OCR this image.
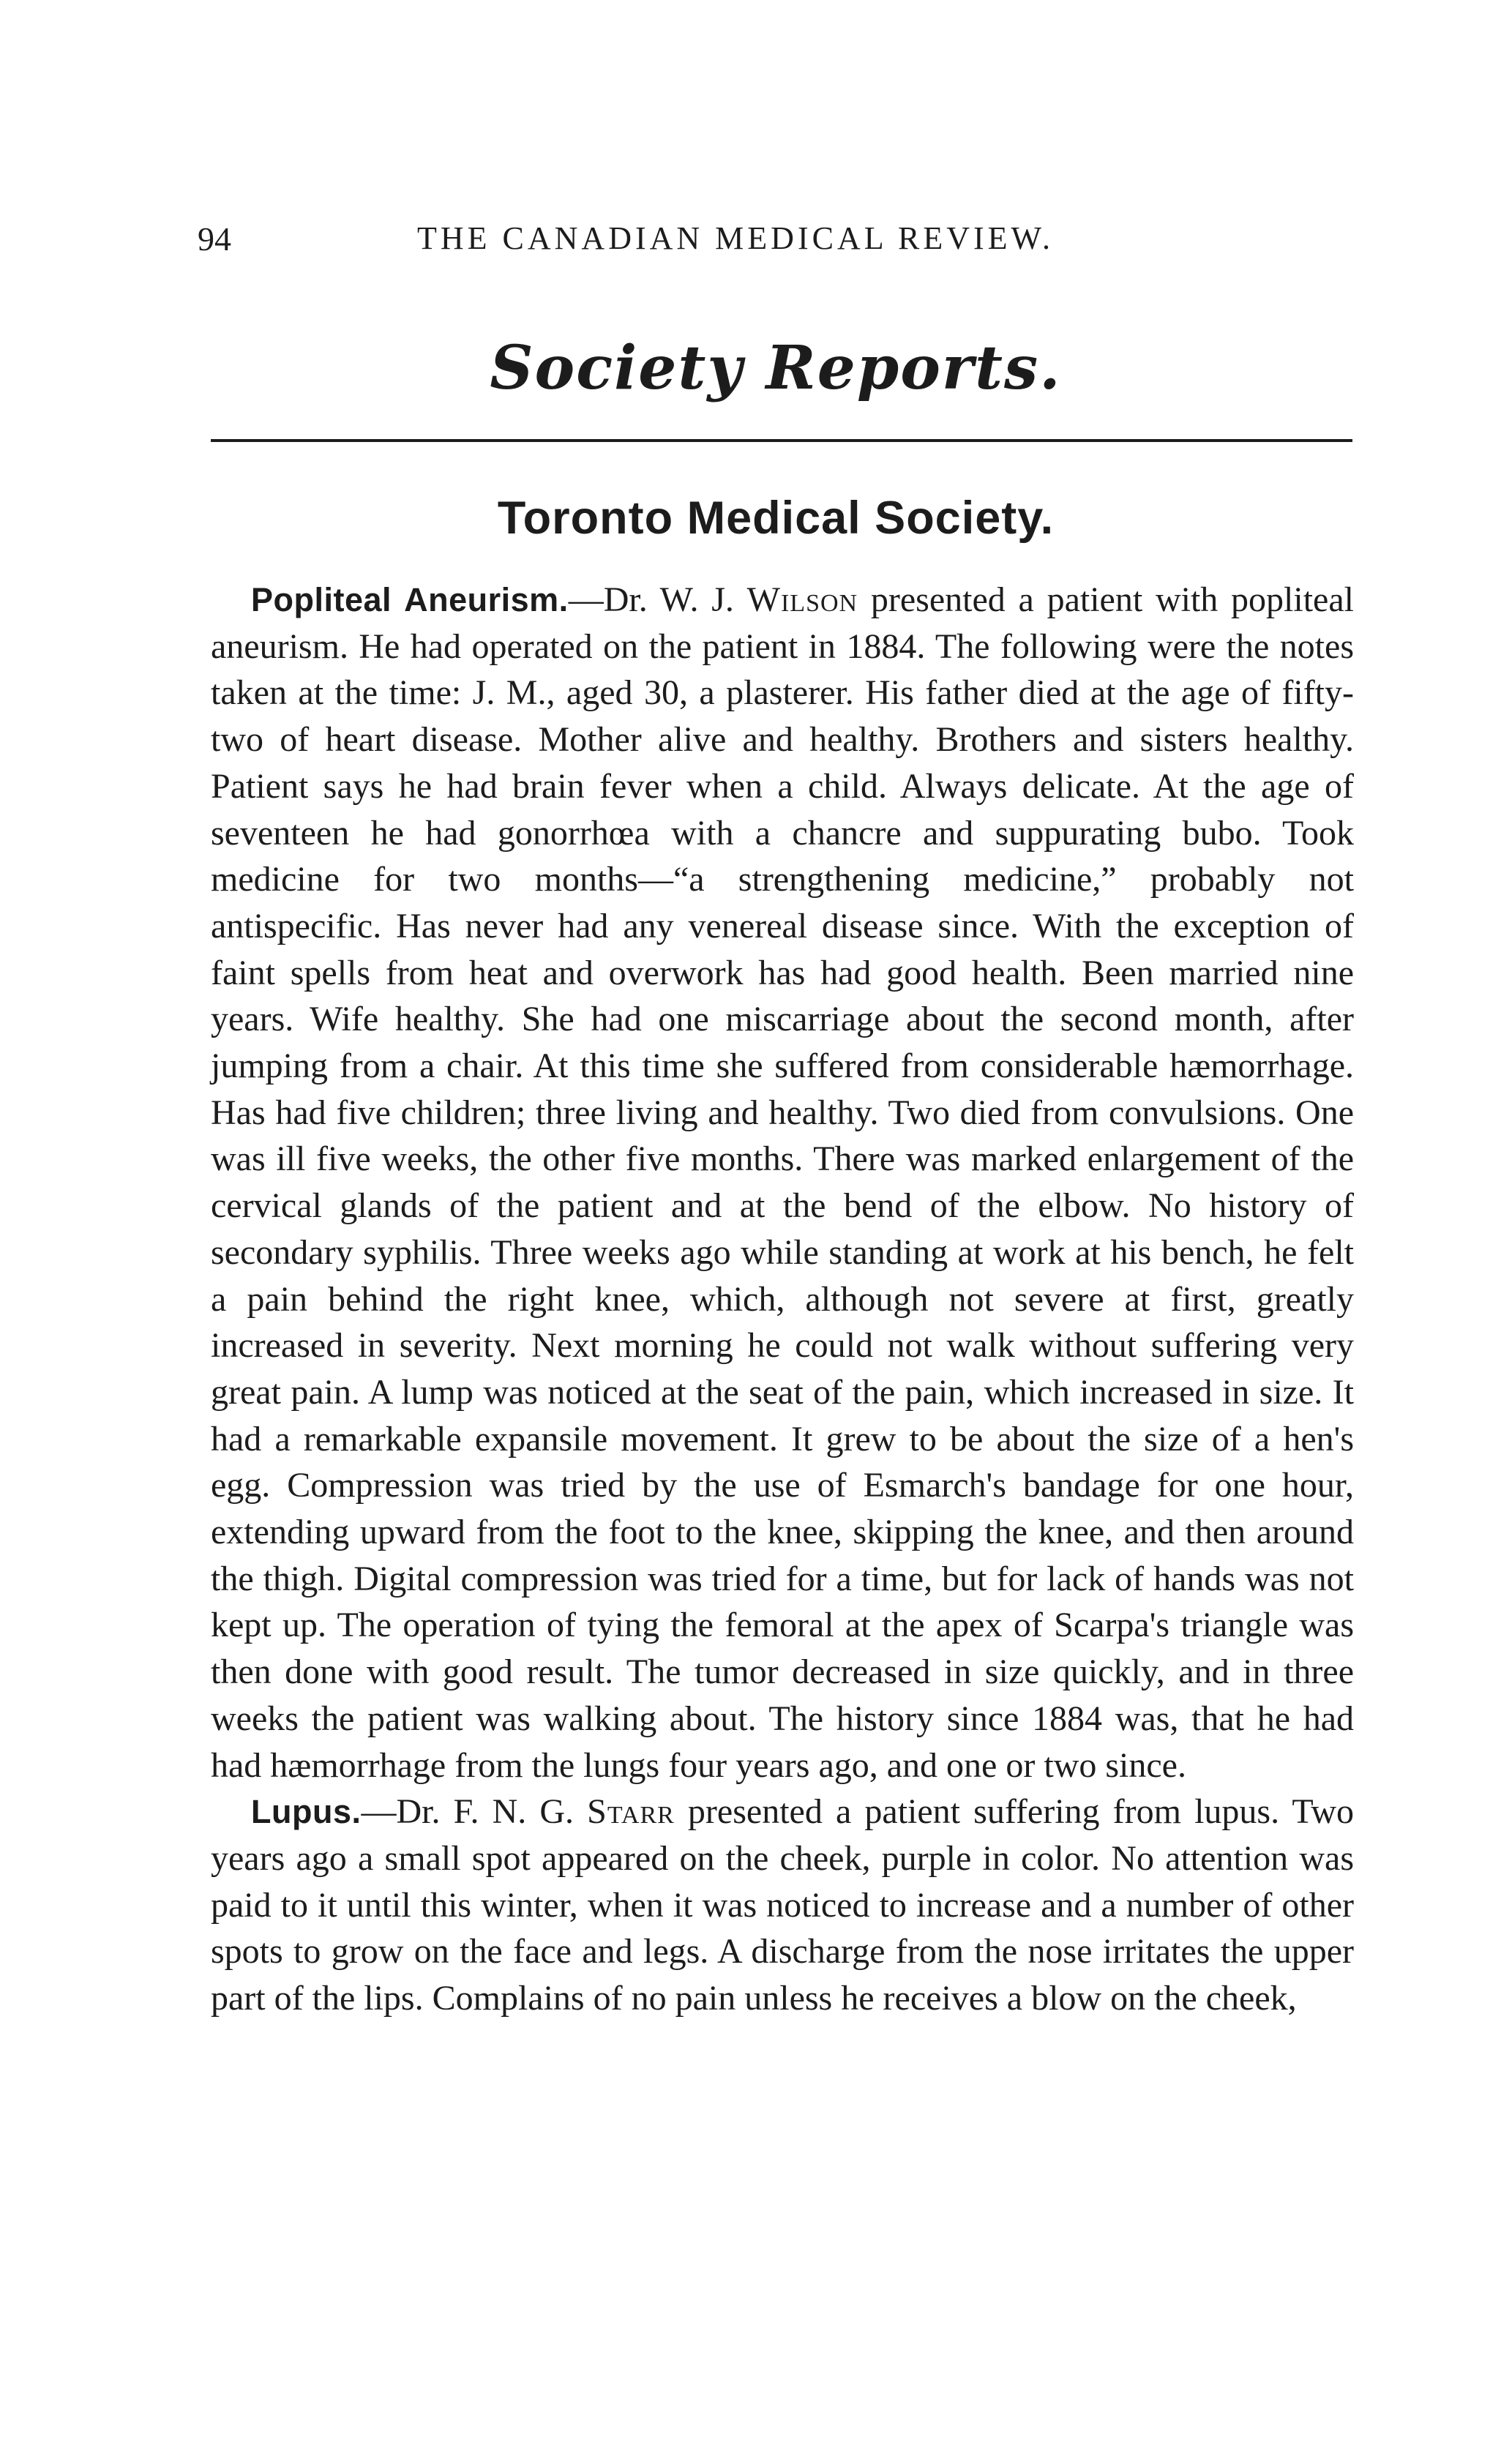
94	THE CANADIAN MEDICAL REVIEW.
Society Reports.
Toronto Medical Society.

Popliteal Aneurism.—Dr. W. J. Wilson presented a patient with popliteal aneurism. He had operated on the patient in 1884. The following were the notes taken at the time: J. M., aged 30, a plasterer. His father died at the age of fifty-two of heart disease. Mother alive and healthy. Brothers and sisters healthy. Patient says he had brain fever when a child. Always delicate. At the age of seventeen he had gonorrhœa with a chancre and suppurating bubo. Took medicine for two months—“a strengthening medicine,” probably not antispecific. Has never had any venereal disease since. With the exception of faint spells from heat and overwork has had good health. Been married nine years. Wife healthy. She had one miscarriage about the second month, after jumping from a chair. At this time she suffered from considerable hæmorrhage. Has had five children; three living and healthy. Two died from convulsions. One was ill five weeks, the other five months. There was marked enlargement of the cervical glands of the patient and at the bend of the elbow. No history of secondary syphilis. Three weeks ago while standing at work at his bench, he felt a pain behind the right knee, which, although not severe at first, greatly increased in severity. Next morning he could not walk without suffering very great pain. A lump was noticed at the seat of the pain, which increased in size. It had a remarkable expansile movement. It grew to be about the size of a hen's egg. Compression was tried by the use of Esmarch's bandage for one hour, extending upward from the foot to the knee, skipping the knee, and then around the thigh. Digital compression was tried for a time, but for lack of hands was not kept up. The operation of tying the femoral at the apex of Scarpa's triangle was then done with good result. The tumor decreased in size quickly, and in three weeks the patient was walking about. The history since 1884 was, that he had had hæmorrhage from the lungs four years ago, and one or two since.

Lupus.—Dr. F. N. G. Starr presented a patient suffering from lupus. Two years ago a small spot appeared on the cheek, purple in color. No attention was paid to it until this winter, when it was noticed to increase and a number of other spots to grow on the face and legs. A discharge from the nose irritates the upper part of the lips. Complains of no pain unless he receives a blow on the cheek,
